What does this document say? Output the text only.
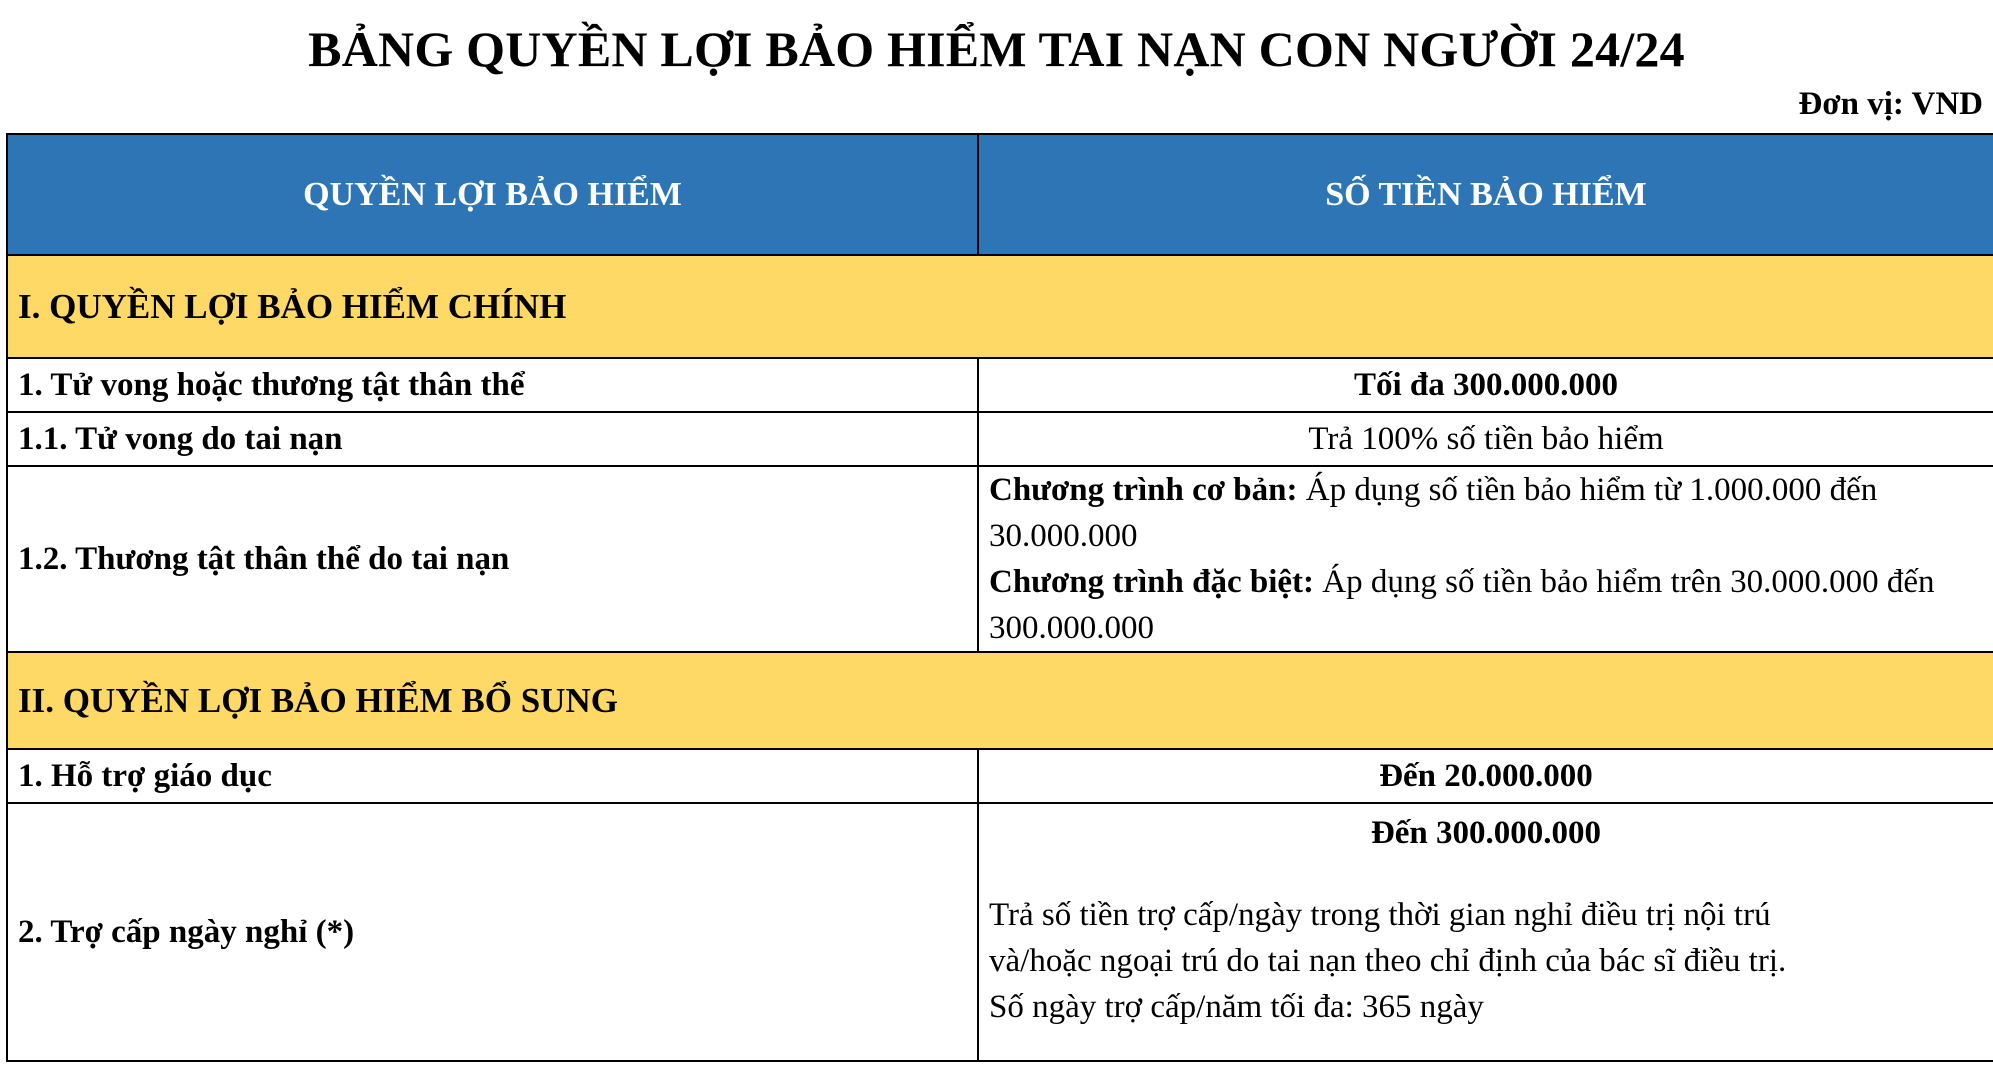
BẢNG QUYỀN LỢI BẢO HIỂM TAI NẠN CON NGƯỜI 24/24
Đơn vị: VND
QUYỀN LỢI BẢO HIỂM	SỐ TIỀN BẢO HIỂM
I. QUYỀN LỢI BẢO HIỂM CHÍNH	
1. Tử vong hoặc thương tật thân thể	Tối đa 300.000.000
1.1. Tử vong do tai nạn	Trả 100% số tiền bảo hiểm
1.2. Thương tật thân thể do tai nạn	Chương trình cơ bản: Áp dụng số tiền bảo hiểm từ 1.000.000 đến 30.000.000
Chương trình đặc biệt: Áp dụng số tiền bảo hiểm trên 30.000.000 đến 300.000.000

II. QUYỀN LỢI BẢO HIỂM BỔ SUNG	
1. Hỗ trợ giáo dục	Đến 20.000.000
2. Trợ cấp ngày nghỉ (*)	Đến 300.000.000
Trả số tiền trợ cấp/ngày trong thời gian nghỉ điều trị nội trú
và/hoặc ngoại trú do tai nạn theo chỉ định của bác sĩ điều trị.
Số ngày trợ cấp/năm tối đa: 365 ngày
